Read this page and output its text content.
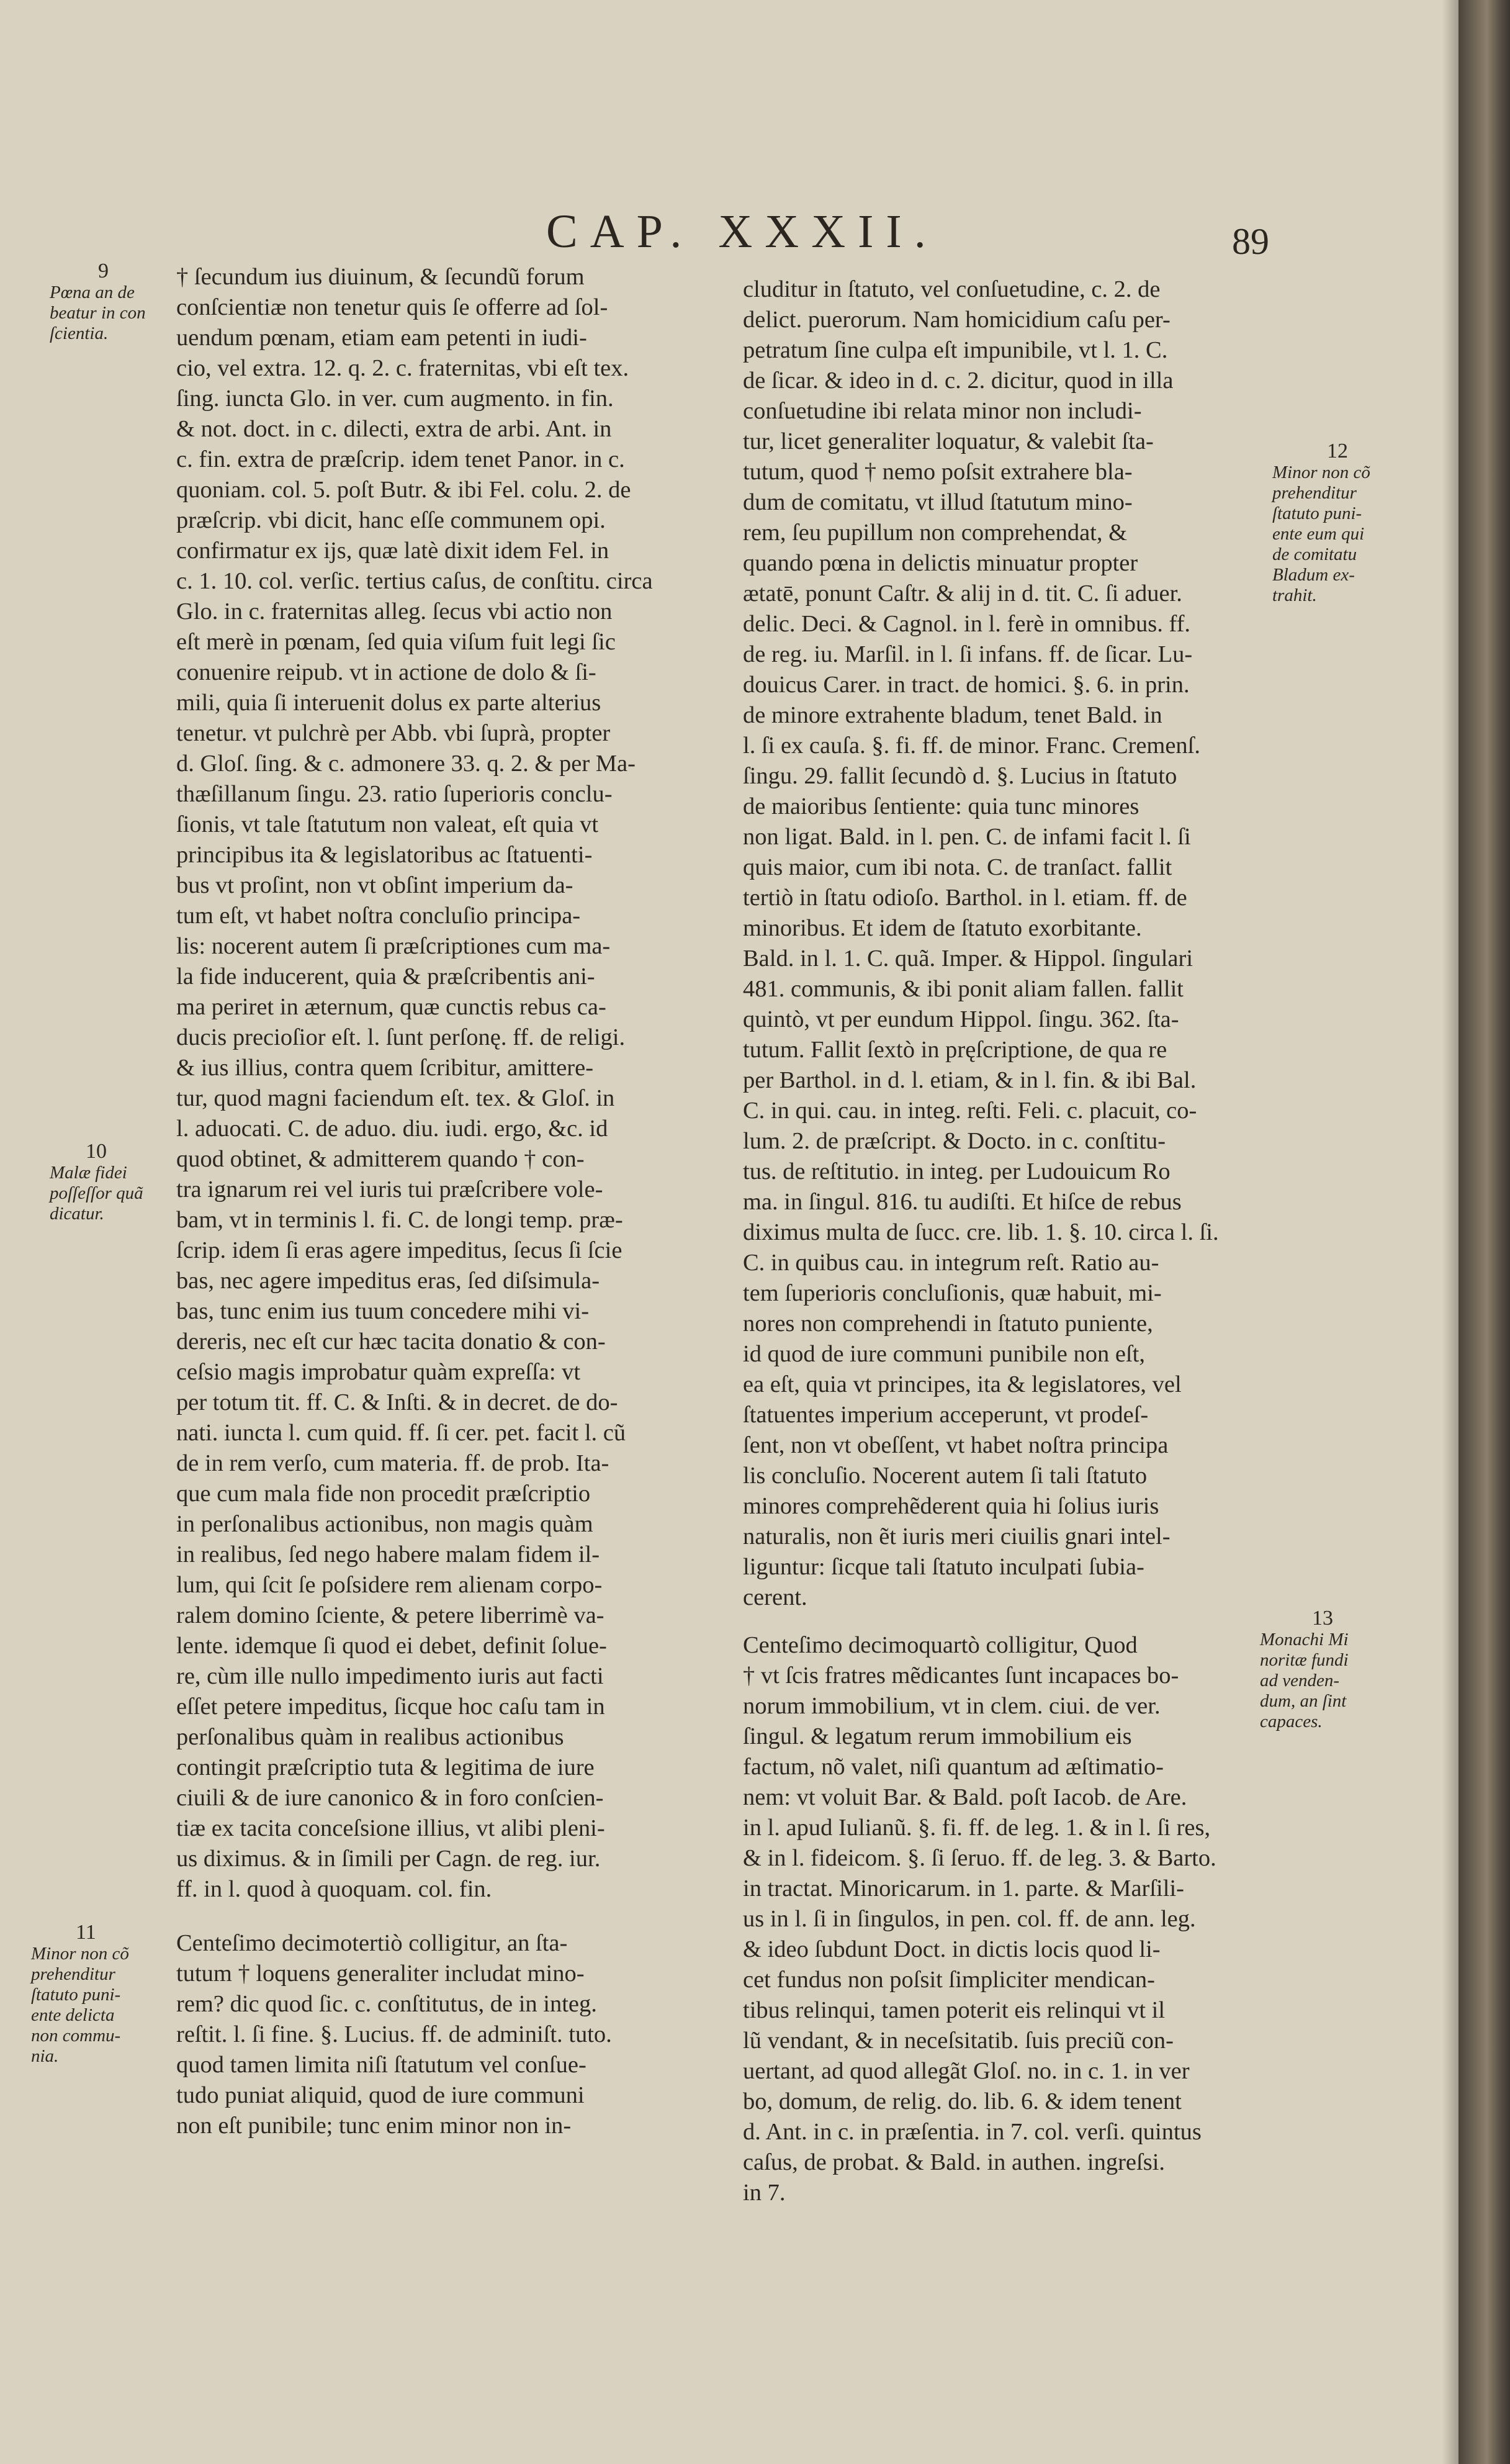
CAP. XXXII.	89
† ſecundum ius diuinum, & ſecundũ forum
conſcientiæ non tenetur quis ſe offerre ad ſol-
uendum pœnam, etiam eam petenti in iudi-
cio, vel extra. 12. q. 2. c. fraternitas, vbi eſt tex.
ſing. iuncta Glo. in ver. cum augmento. in fin.
& not. doct. in c. dilecti, extra de arbi. Ant. in
c. fin. extra de præſcrip. idem tenet Panor. in c.
quoniam. col. 5. poſt Butr. & ibi Fel. colu. 2. de
præſcrip. vbi dicit, hanc eſſe communem opi.
confirmatur ex ijs, quæ latè dixit idem Fel. in
c. 1. 10. col. verſic. tertius caſus, de conſtitu. circa
Glo. in c. fraternitas alleg. ſecus vbi actio non
eſt merè in pœnam, ſed quia viſum fuit legi ſic
conuenire reipub. vt in actione de dolo & ſi-
mili, quia ſi interuenit dolus ex parte alterius
tenetur. vt pulchrè per Abb. vbi ſuprà, propter
d. Gloſ. ſing. & c. admonere 33. q. 2. & per Ma-
thæſillanum ſingu. 23. ratio ſuperioris conclu-
ſionis, vt tale ſtatutum non valeat, eſt quia vt
principibus ita & legislatoribus ac ſtatuenti-
bus vt proſint, non vt obſint imperium da-
tum eſt, vt habet noſtra concluſio principa-
lis: nocerent autem ſi præſcriptiones cum ma-
la fide inducerent, quia & præſcribentis ani-
ma periret in æternum, quæ cunctis rebus ca-
ducis precioſior eſt. l. ſunt perſonę. ff. de religi.
& ius illius, contra quem ſcribitur, amittere-
tur, quod magni faciendum eſt. tex. & Gloſ. in
l. aduocati. C. de aduo. diu. iudi. ergo, &c. id
quod obtinet, & admitterem quando † con-
tra ignarum rei vel iuris tui præſcribere vole-
bam, vt in terminis l. fi. C. de longi temp. præ-
ſcrip. idem ſi eras agere impeditus, ſecus ſi ſcie
bas, nec agere impeditus eras, ſed diſsimula-
bas, tunc enim ius tuum concedere mihi vi-
dereris, nec eſt cur hæc tacita donatio & con-
ceſsio magis improbatur quàm expreſſa: vt
per totum tit. ff. C. & Inſti. & in decret. de do-
nati. iuncta l. cum quid. ff. ſi cer. pet. facit l. cũ
de in rem verſo, cum materia. ff. de prob. Ita-
que cum mala fide non procedit præſcriptio
in perſonalibus actionibus, non magis quàm
in realibus, ſed nego habere malam fidem il-
lum, qui ſcit ſe poſsidere rem alienam corpo-
ralem domino ſciente, & petere liberrimè va-
lente. idemque ſi quod ei debet, definit ſolue-
re, cùm ille nullo impedimento iuris aut facti
eſſet petere impeditus, ſicque hoc caſu tam in
perſonalibus quàm in realibus actionibus
contingit præſcriptio tuta & legitima de iure
ciuili & de iure canonico & in foro conſcien-
tiæ ex tacita conceſsione illius, vt alibi pleni-
us diximus. & in ſimili per Cagn. de reg. iur.
ff. in l. quod à quoquam. col. fin.
Centeſimo decimotertiò colligitur, an ſta-
tutum † loquens generaliter includat mino-
rem? dic quod ſic. c. conſtitutus, de in integ.
reſtit. l. ſi fine. §. Lucius. ff. de adminiſt. tuto.
quod tamen limita niſi ſtatutum vel conſue-
tudo puniat aliquid, quod de iure communi
non eſt punibile; tunc enim minor non in-
cluditur in ſtatuto, vel conſuetudine, c. 2. de
delict. puerorum. Nam homicidium caſu per-
petratum ſine culpa eſt impunibile, vt l. 1. C.
de ſicar. & ideo in d. c. 2. dicitur, quod in illa
conſuetudine ibi relata minor non includi-
tur, licet generaliter loquatur, & valebit ſta-
tutum, quod † nemo poſsit extrahere bla-
dum de comitatu, vt illud ſtatutum mino-
rem, ſeu pupillum non comprehendat, &
quando pœna in delictis minuatur propter
ætatē, ponunt Caſtr. & alij in d. tit. C. ſi aduer.
delic. Deci. & Cagnol. in l. ferè in omnibus. ff.
de reg. iu. Marſil. in l. ſi infans. ff. de ſicar. Lu-
douicus Carer. in tract. de homici. §. 6. in prin.
de minore extrahente bladum, tenet Bald. in
l. ſi ex cauſa. §. fi. ff. de minor. Franc. Cremenſ.
ſingu. 29. fallit ſecundò d. §. Lucius in ſtatuto
de maioribus ſentiente: quia tunc minores
non ligat. Bald. in l. pen. C. de infami facit l. ſi
quis maior, cum ibi nota. C. de tranſact. fallit
tertiò in ſtatu odioſo. Barthol. in l. etiam. ff. de
minoribus. Et idem de ſtatuto exorbitante.
Bald. in l. 1. C. quã. Imper. & Hippol. ſingulari
481. communis, & ibi ponit aliam fallen. fallit
quintò, vt per eundum Hippol. ſingu. 362. ſta-
tutum. Fallit ſextò in pręſcriptione, de qua re
per Barthol. in d. l. etiam, & in l. fin. & ibi Bal.
C. in qui. cau. in integ. reſti. Feli. c. placuit, co-
lum. 2. de præſcript. & Docto. in c. conſtitu-
tus. de reſtitutio. in integ. per Ludouicum Ro
ma. in ſingul. 816. tu audiſti. Et hiſce de rebus
diximus multa de ſucc. cre. lib. 1. §. 10. circa l. ſi.
C. in quibus cau. in integrum reſt. Ratio au-
tem ſuperioris concluſionis, quæ habuit, mi-
nores non comprehendi in ſtatuto puniente,
id quod de iure communi punibile non eſt,
ea eſt, quia vt principes, ita & legislatores, vel
ſtatuentes imperium acceperunt, vt prodeſ-
ſent, non vt obeſſent, vt habet noſtra principa
lis concluſio. Nocerent autem ſi tali ſtatuto
minores comprehẽderent quia hi ſolius iuris
naturalis, non ẽt iuris meri ciuilis gnari intel-
liguntur: ſicque tali ſtatuto inculpati ſubia-
cerent.
Centeſimo decimoquartò colligitur, Quod
† vt ſcis fratres mẽdicantes ſunt incapaces bo-
norum immobilium, vt in clem. ciui. de ver.
ſingul. & legatum rerum immobilium eis
factum, nõ valet, niſi quantum ad æſtimatio-
nem: vt voluit Bar. & Bald. poſt Iacob. de Are.
in l. apud Iulianũ. §. fi. ff. de leg. 1. & in l. ſi res,
& in l. fideicom. §. ſi ſeruo. ff. de leg. 3. & Barto.
in tractat. Minoricarum. in 1. parte. & Marſili-
us in l. ſi in ſingulos, in pen. col. ff. de ann. leg.
& ideo ſubdunt Doct. in dictis locis quod li-
cet fundus non poſsit ſimpliciter mendican-
tibus relinqui, tamen poterit eis relinqui vt il
lũ vendant, & in neceſsitatib. ſuis preciũ con-
uertant, ad quod allegãt Gloſ. no. in c. 1. in ver
bo, domum, de relig. do. lib. 6. & idem tenent
d. Ant. in c. in præſentia. in 7. col. verſi. quintus
caſus, de probat. & Bald. in authen. ingreſsi.
in 7.
9
Pœna an de
beatur in con
ſcientia.
10
Malæ fidei
poſſeſſor quã
dicatur.
11
Minor non cõ
prehenditur
ſtatuto puni-
ente delicta
non commu-
nia.
12
Minor non cõ
prehenditur
ſtatuto puni-
ente eum qui
de comitatu
Bladum ex-
trahit.
13
Monachi Mi
noritæ fundi
ad venden-
dum, an ſint
capaces.
